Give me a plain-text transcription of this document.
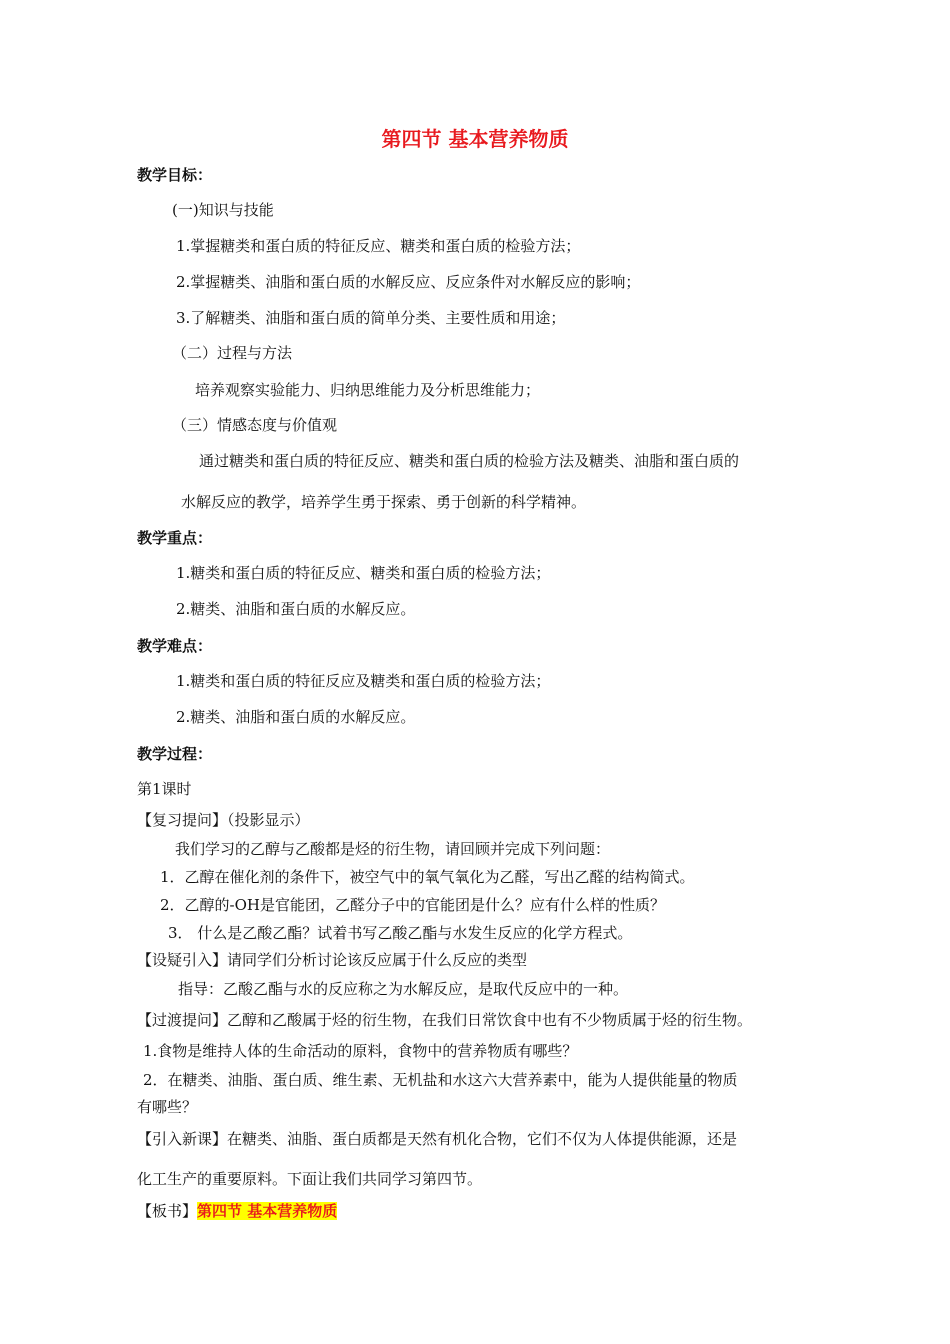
第四节 基本营养物质
教学目标：
(一)知识与技能
1.掌握糖类和蛋白质的特征反应、糖类和蛋白质的检验方法；
2.掌握糖类、油脂和蛋白质的水解反应、反应条件对水解反应的影响；
3.了解糖类、油脂和蛋白质的简单分类、主要性质和用途；
（二）过程与方法
培养观察实验能力、归纳思维能力及分析思维能力；
（三）情感态度与价值观
通过糖类和蛋白质的特征反应、糖类和蛋白质的检验方法及糖类、油脂和蛋白质的
水解反应的教学，培养学生勇于探索、勇于创新的科学精神。
教学重点：
1.糖类和蛋白质的特征反应、糖类和蛋白质的检验方法；
2.糖类、油脂和蛋白质的水解反应。
教学难点：
1.糖类和蛋白质的特征反应及糖类和蛋白质的检验方法；
2.糖类、油脂和蛋白质的水解反应。
教学过程：
第1课时
【复习提问】（投影显示）
我们学习的乙醇与乙酸都是烃的衍生物，请回顾并完成下列问题：
1．乙醇在催化剂的条件下，被空气中的氧气氧化为乙醛，写出乙醛的结构简式。
2．乙醇的-OH是官能团，乙醛分子中的官能团是什么？应有什么样的性质？
3． 什么是乙酸乙酯？试着书写乙酸乙酯与水发生反应的化学方程式。
【设疑引入】请同学们分析讨论该反应属于什么反应的类型
指导：乙酸乙酯与水的反应称之为水解反应，是取代反应中的一种。
【过渡提问】乙醇和乙酸属于烃的衍生物，在我们日常饮食中也有不少物质属于烃的衍生物。
1.食物是维持人体的生命活动的原料，食物中的营养物质有哪些？
2．在糖类、油脂、蛋白质、维生素、无机盐和水这六大营养素中，能为人提供能量的物质
有哪些？
【引入新课】在糖类、油脂、蛋白质都是天然有机化合物，它们不仅为人体提供能源，还是
化工生产的重要原料。下面让我们共同学习第四节。
【板书】第四节 基本营养物质
